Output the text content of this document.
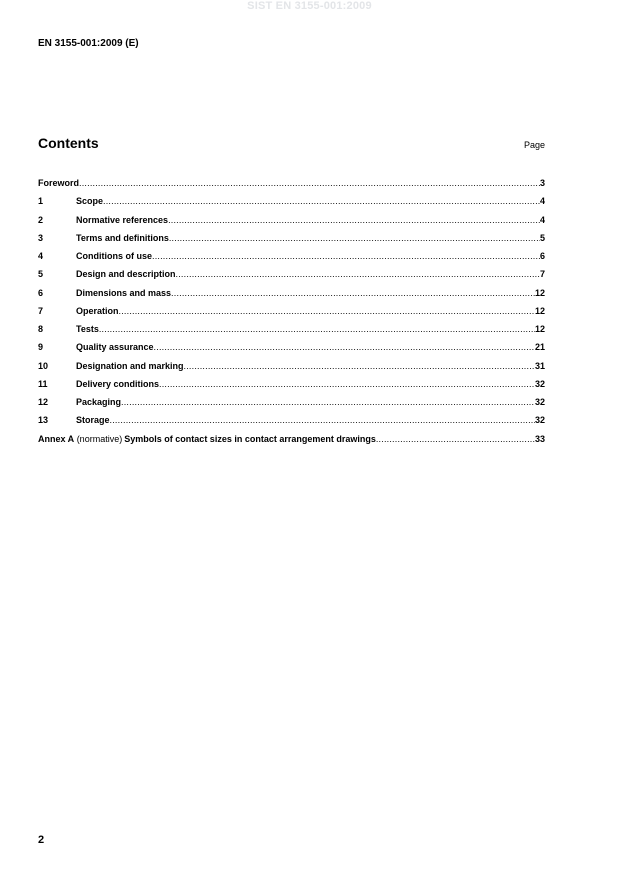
SIST EN 3155-001:2009
EN 3155-001:2009 (E)
Contents	Page
Foreword .....	3
1	Scope .....	4
2	Normative references .....	4
3	Terms and definitions .....	5
4	Conditions of use .....	6
5	Design and description .....	7
6	Dimensions and mass .....	12
7	Operation .....	12
8	Tests .....	12
9	Quality assurance .....	21
10	Designation and marking .....	31
11	Delivery conditions .....	32
12	Packaging .....	32
13	Storage .....	32
Annex A (normative) Symbols of contact sizes in contact arrangement drawings .....	33
2
